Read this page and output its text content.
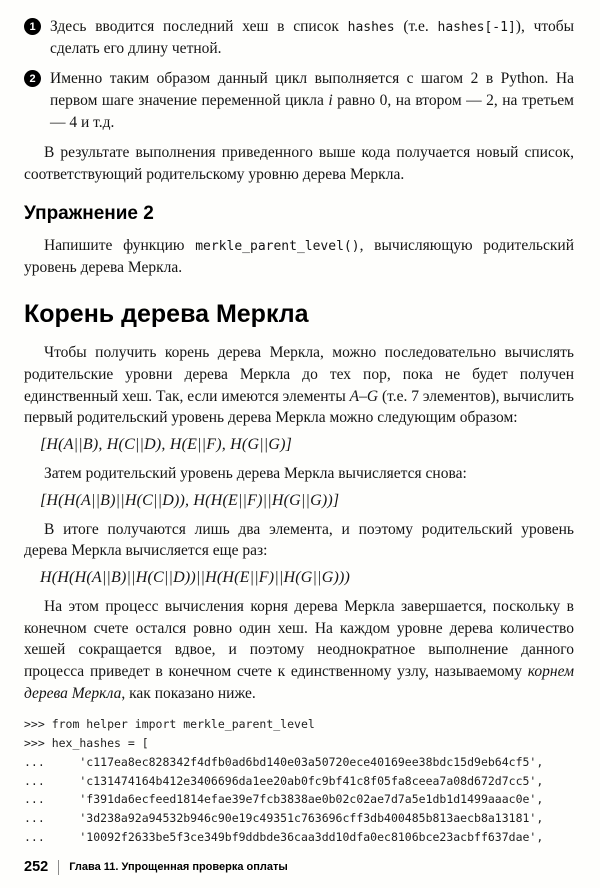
1 Здесь вводится последний хеш в список hashes (т.е. hashes[-1]), чтобы сделать его длину четной.

2 Именно таким образом данный цикл выполняется с шагом 2 в Python. На первом шаге значение переменной цикла i равно 0, на втором — 2, на третьем — 4 и т.д.

В результате выполнения приведенного выше кода получается новый список, соответствующий родительскому уровню дерева Меркла.

Упражнение 2

Напишите функцию merkle_parent_level(), вычисляющую родительский уровень дерева Меркла.

Корень дерева Меркла

Чтобы получить корень дерева Меркла, можно последовательно вычислять родительские уровни дерева Меркла до тех пор, пока не будет получен единственный хеш. Так, если имеются элементы A–G (т.е. 7 элементов), вычислить первый родительский уровень дерева Меркла можно следующим образом:

[H(A||B), H(C||D), H(E||F), H(G||G)]

Затем родительский уровень дерева Меркла вычисляется снова:

[H(H(A||B)||H(C||D)), H(H(E||F)||H(G||G))]

В итоге получаются лишь два элемента, и поэтому родительский уровень дерева Меркла вычисляется еще раз:

H(H(H(A||B)||H(C||D))||H(H(E||F)||H(G||G)))

На этом процесс вычисления корня дерева Меркла завершается, поскольку в конечном счете остался ровно один хеш. На каждом уровне дерева количество хешей сокращается вдвое, и поэтому неоднократное выполнение данного процесса приведет в конечном счете к единственному узлу, называемому корнем дерева Меркла, как показано ниже.

>>> from helper import merkle_parent_level
>>> hex_hashes = [
...     'c117ea8ec828342f4dfb0ad6bd140e03a50720ece40169ee38bdc15d9eb64cf5',
...     'c131474164b412e3406696da1ee20ab0fc9bf41c8f05fa8ceea7a08d672d7cc5',
...     'f391da6ecfeed1814efae39e7fcb3838ae0b02c02ae7d7a5e1db1d1499aaac0e',
...     '3d238a92a94532b946c90e19c49351c763696cff3db400485b813aecb8a13181',
...     '10092f2633be5f3ce349bf9ddbde36caa3dd10dfa0ec8106bce23acbff637dae',
252 Глава 11. Упрощенная проверка оплаты
